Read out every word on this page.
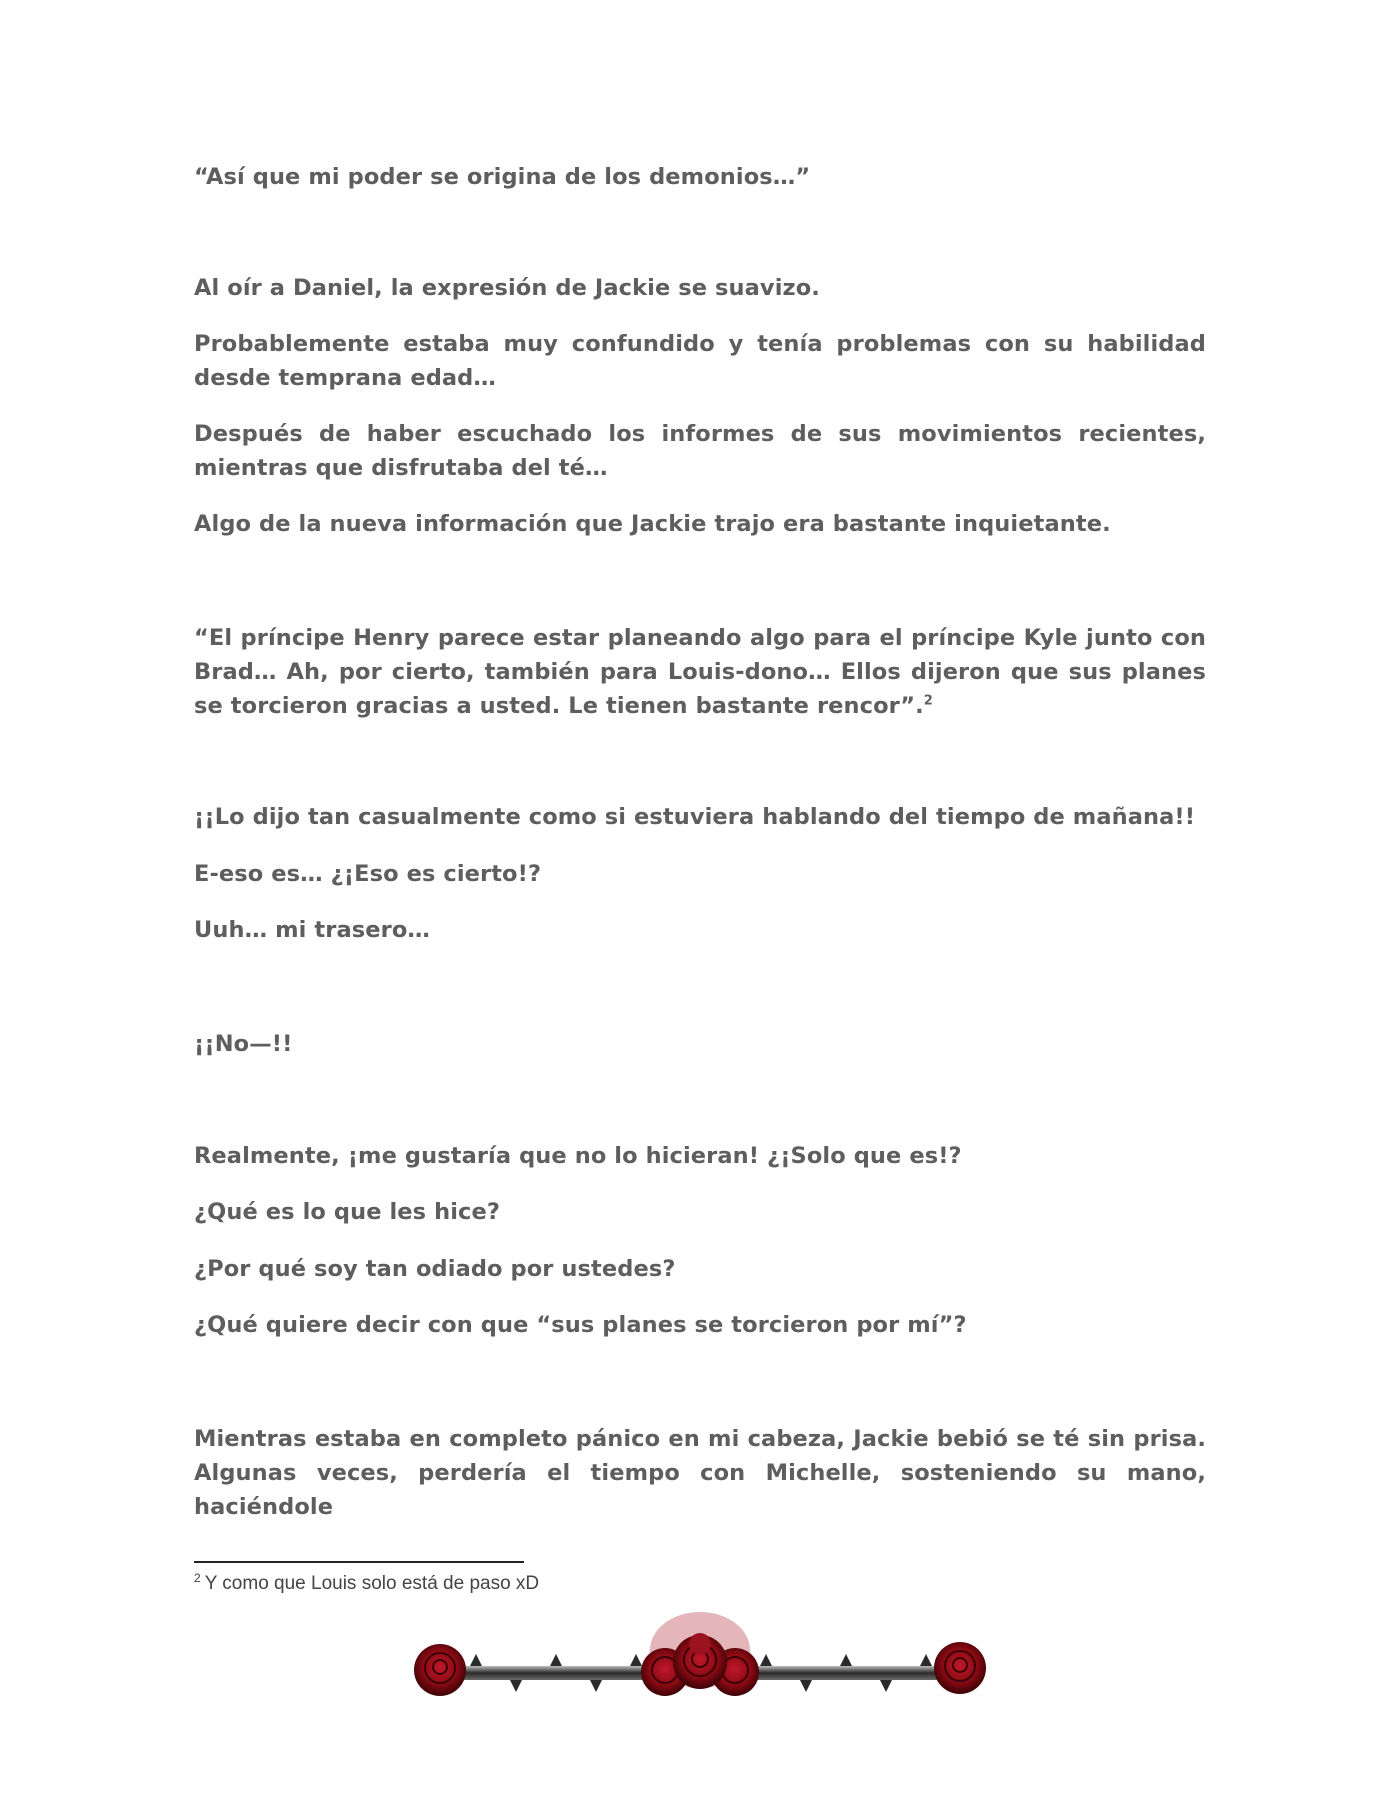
“Así que mi poder se origina de los demonios…”

Al oír a Daniel, la expresión de Jackie se suavizo.

Probablemente estaba muy confundido y tenía problemas con su habilidad desde temprana edad…

Después de haber escuchado los informes de sus movimientos recientes, mientras que disfrutaba del té…

Algo de la nueva información que Jackie trajo era bastante inquietante.

“El príncipe Henry parece estar planeando algo para el príncipe Kyle junto con Brad… Ah, por cierto, también para Louis-dono… Ellos dijeron que sus planes se torcieron gracias a usted. Le tienen bastante rencor”.$^2$

¡¡Lo dijo tan casualmente como si estuviera hablando del tiempo de mañana!!

E-eso es… ¿¡Eso es cierto!?

Uuh… mi trasero…

¡¡No—!!

Realmente, ¡me gustaría que no lo hicieran! ¿¡Solo que es!?

¿Qué es lo que les hice?

¿Por qué soy tan odiado por ustedes?

¿Qué quiere decir con que “sus planes se torcieron por mí”?

Mientras estaba en completo pánico en mi cabeza, Jackie bebió se té sin prisa. Algunas veces, perdería el tiempo con Michelle, sosteniendo su mano, haciéndole

$^2$ Y como que Louis solo está de paso xD
